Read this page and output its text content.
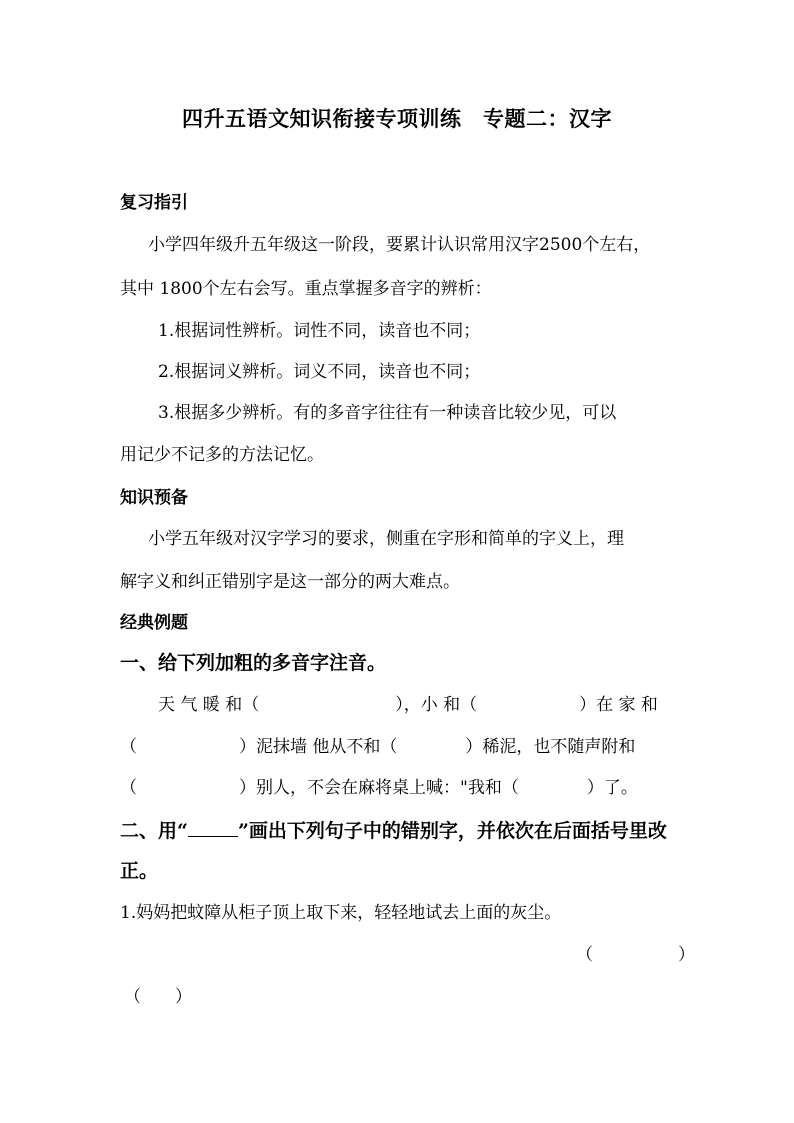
四升五语文知识衔接专项训练　专题二：汉字
复习指引
小学四年级升五年级这一阶段，要累计认识常用汉字2500个左右，
其中 1800个左右会写。重点掌握多音字的辨析：
1.根据词性辨析。词性不同，读音也不同；
2.根据词义辨析。词义不同，读音也不同；
3.根据多少辨析。有的多音字往往有一种读音比较少见，可以
用记少不记多的方法记忆。
知识预备
小学五年级对汉字学习的要求，侧重在字形和简单的字义上，理
解字义和纠正错别字是这一部分的两大难点。
经典例题
一、给下列加粗的多音字注音。
天 气 暖 和（　　　　　　　　），小 和（　　　　　　）在 家 和
（　　　　　　）泥抹墙 他从不和（　　　　）稀泥，也不随声附和
（　　　　　　）别人，不会在麻将桌上喊："我和（　　　　）了。
二、用“	”画出下列句子中的错别字，并依次在后面括号里改
正。
1.妈妈把蚊障从柜子顶上取下来，轻轻地试去上面的灰尘。
（　　　　　）
（　　）
